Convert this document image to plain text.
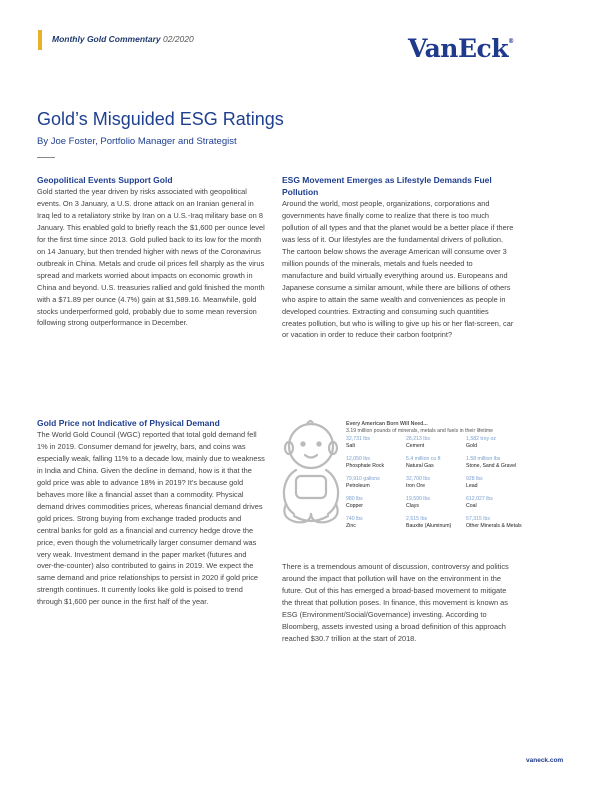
Monthly Gold Commentary 02/2020	VanEck®
Gold’s Misguided ESG Ratings
By Joe Foster, Portfolio Manager and Strategist

Geopolitical Events Support Gold

Gold started the year driven by risks associated with geopolitical events. On 3 January, a U.S. drone attack on an Iranian general in Iraq led to a retaliatory strike by Iran on a U.S.-Iraq military base on 8 January. This enabled gold to briefly reach the $1,600 per ounce level for the first time since 2013. Gold pulled back to its low for the month on 14 January, but then trended higher with news of the Coronavirus outbreak in China. Metals and crude oil prices fell sharply as the virus spread and markets worried about impacts on economic growth in China and beyond. U.S. treasuries rallied and gold finished the month with a $71.89 per ounce (4.7%) gain at $1,589.16. Meanwhile, gold stocks underperformed gold, probably due to some mean reversion following strong outperformance in December.

Gold Price not Indicative of Physical Demand

The World Gold Council (WGC) reported that total gold demand fell 1% in 2019. Consumer demand for jewelry, bars, and coins was especially weak, falling 11% to a decade low, mainly due to weakness in India and China. Given the decline in demand, how is it that the gold price was able to advance 18% in 2019? It’s because gold behaves more like a financial asset than a commodity. Physical demand drives commodities prices, whereas financial demand drives gold prices. Strong buying from exchange traded products and central banks for gold as a financial and currency hedge drove the price, even though the volumetrically larger consumer demand was very weak. Investment demand in the paper market (futures and over-the-counter) also contributed to gains in 2019. We expect the same demand and price relationships to persist in 2020 if gold price strength continues. It currently looks like gold is poised to trend through $1,600 per ounce in the first half of the year.

ESG Movement Emerges as Lifestyle Demands Fuel Pollution

Around the world, most people, organizations, corporations and governments have finally come to realize that there is too much pollution of all types and that the planet would be a better place if there was less of it. Our lifestyles are the fundamental drivers of pollution. The cartoon below shows the average American will consume over 3 million pounds of the minerals, metals and fuels needed to manufacture and build virtually everything around us. Europeans and Japanese consume a similar amount, while there are billions of others who aspire to attain the same wealth and conveniences as people in developed countries. Extracting and consuming such quantities creates pollution, but who is willing to give up his or her flat-screen, car or vacation in order to reduce their carbon footprint?

There is a tremendous amount of discussion, controversy and politics around the impact that pollution will have on the environment in the future. Out of this has emerged a broad-based movement to mitigate the threat that pollution poses. In finance, this movement is known as ESG (Environment/Social/Governance) investing. According to Bloomberg, assets invested using a broad definition of this approach reached $30.7 trillion at the start of 2018.

Every American Born Will Need...
3.19 million pounds of minerals, metals and fuels in their lifetime
32,731 lbs
Salt
28,213 lbs
Cement
1,582 troy oz
Gold
12,050 lbs
Phosphate Rock
5.4 million cu ft
Natural Gas
1.58 million lbs
Stone, Sand & Gravel
79,910 gallons
Petroleum
32,700 lbs
Iron Ore
928 lbs
Lead
980 lbs
Copper
19,590 lbs
Clays
612,027 lbs
Coal
740 lbs
Zinc
2,615 lbs
Bauxite (Aluminum)
57,315 lbs
Other Minerals & Metals
vaneck.com
